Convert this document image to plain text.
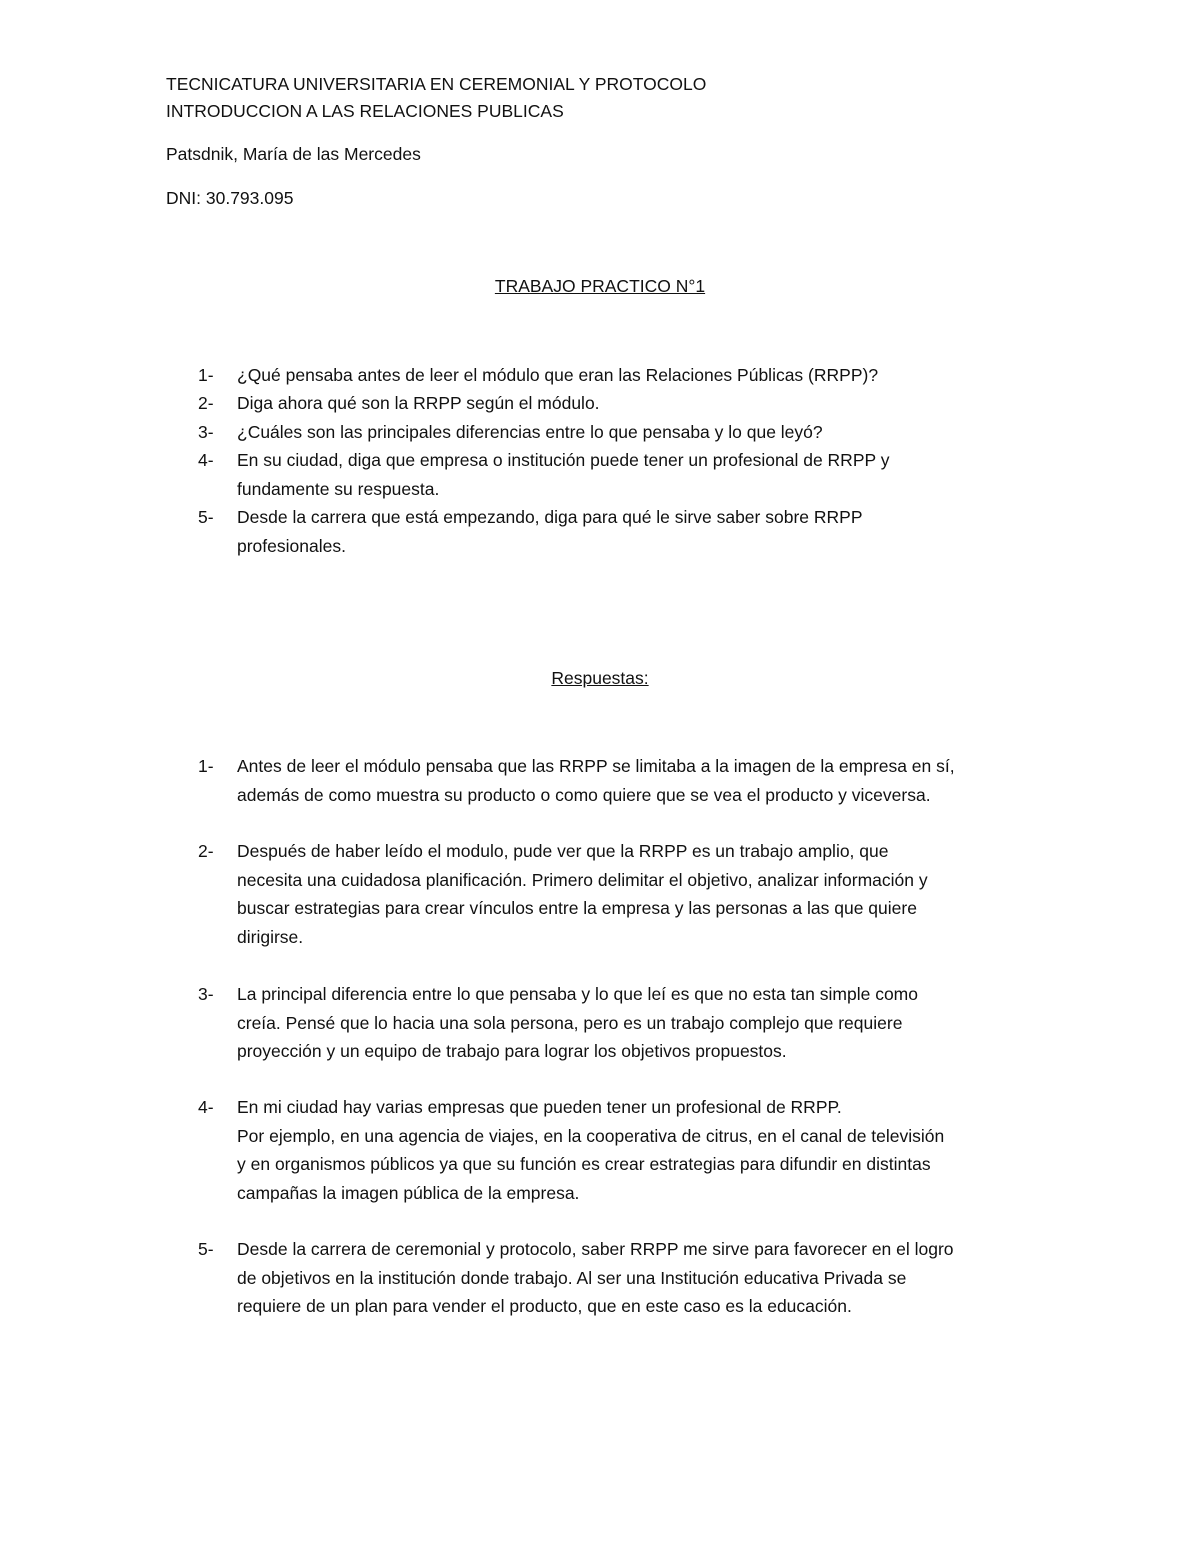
TECNICATURA UNIVERSITARIA EN CEREMONIAL Y PROTOCOLO
INTRODUCCION A LAS RELACIONES PUBLICAS
Patsdnik, María de las Mercedes
DNI: 30.793.095
TRABAJO PRACTICO N°1
1-	¿Qué pensaba antes de leer el módulo que eran las Relaciones Públicas (RRPP)?
2-	Diga ahora qué son la RRPP según el módulo.
3-	¿Cuáles son las principales diferencias entre lo que pensaba y lo que leyó?
4-	En su ciudad, diga que empresa o institución puede tener un profesional de RRPP y
fundamente su respuesta.
5-	Desde la carrera que está empezando, diga para qué le sirve saber sobre RRPP
profesionales.
Respuestas:
1-	Antes de leer el módulo pensaba que las RRPP se limitaba a la imagen de la empresa en sí,
además de como muestra su producto o como quiere que se vea el producto y viceversa.
2-	Después de haber leído el modulo, pude ver que la RRPP es un trabajo amplio, que
necesita una cuidadosa planificación. Primero delimitar el objetivo, analizar información y
buscar estrategias para crear vínculos entre la empresa y las personas a las que quiere
dirigirse.
3-	La principal diferencia entre lo que pensaba y lo que leí es que no esta tan simple como
creía. Pensé que lo hacia una sola persona, pero es un trabajo complejo que requiere
proyección y un equipo de trabajo para lograr los objetivos propuestos.
4-	En mi ciudad hay varias empresas que pueden tener un profesional de RRPP.
Por ejemplo, en una agencia de viajes, en la cooperativa de citrus, en el canal de televisión
y en organismos públicos ya que su función es crear estrategias para difundir en distintas
campañas la imagen pública de la empresa.
5-	Desde la carrera de ceremonial y protocolo, saber RRPP me sirve para favorecer en el logro
de objetivos en la institución donde trabajo. Al ser una Institución educativa Privada se
requiere de un plan para vender el producto, que en este caso es la educación.
